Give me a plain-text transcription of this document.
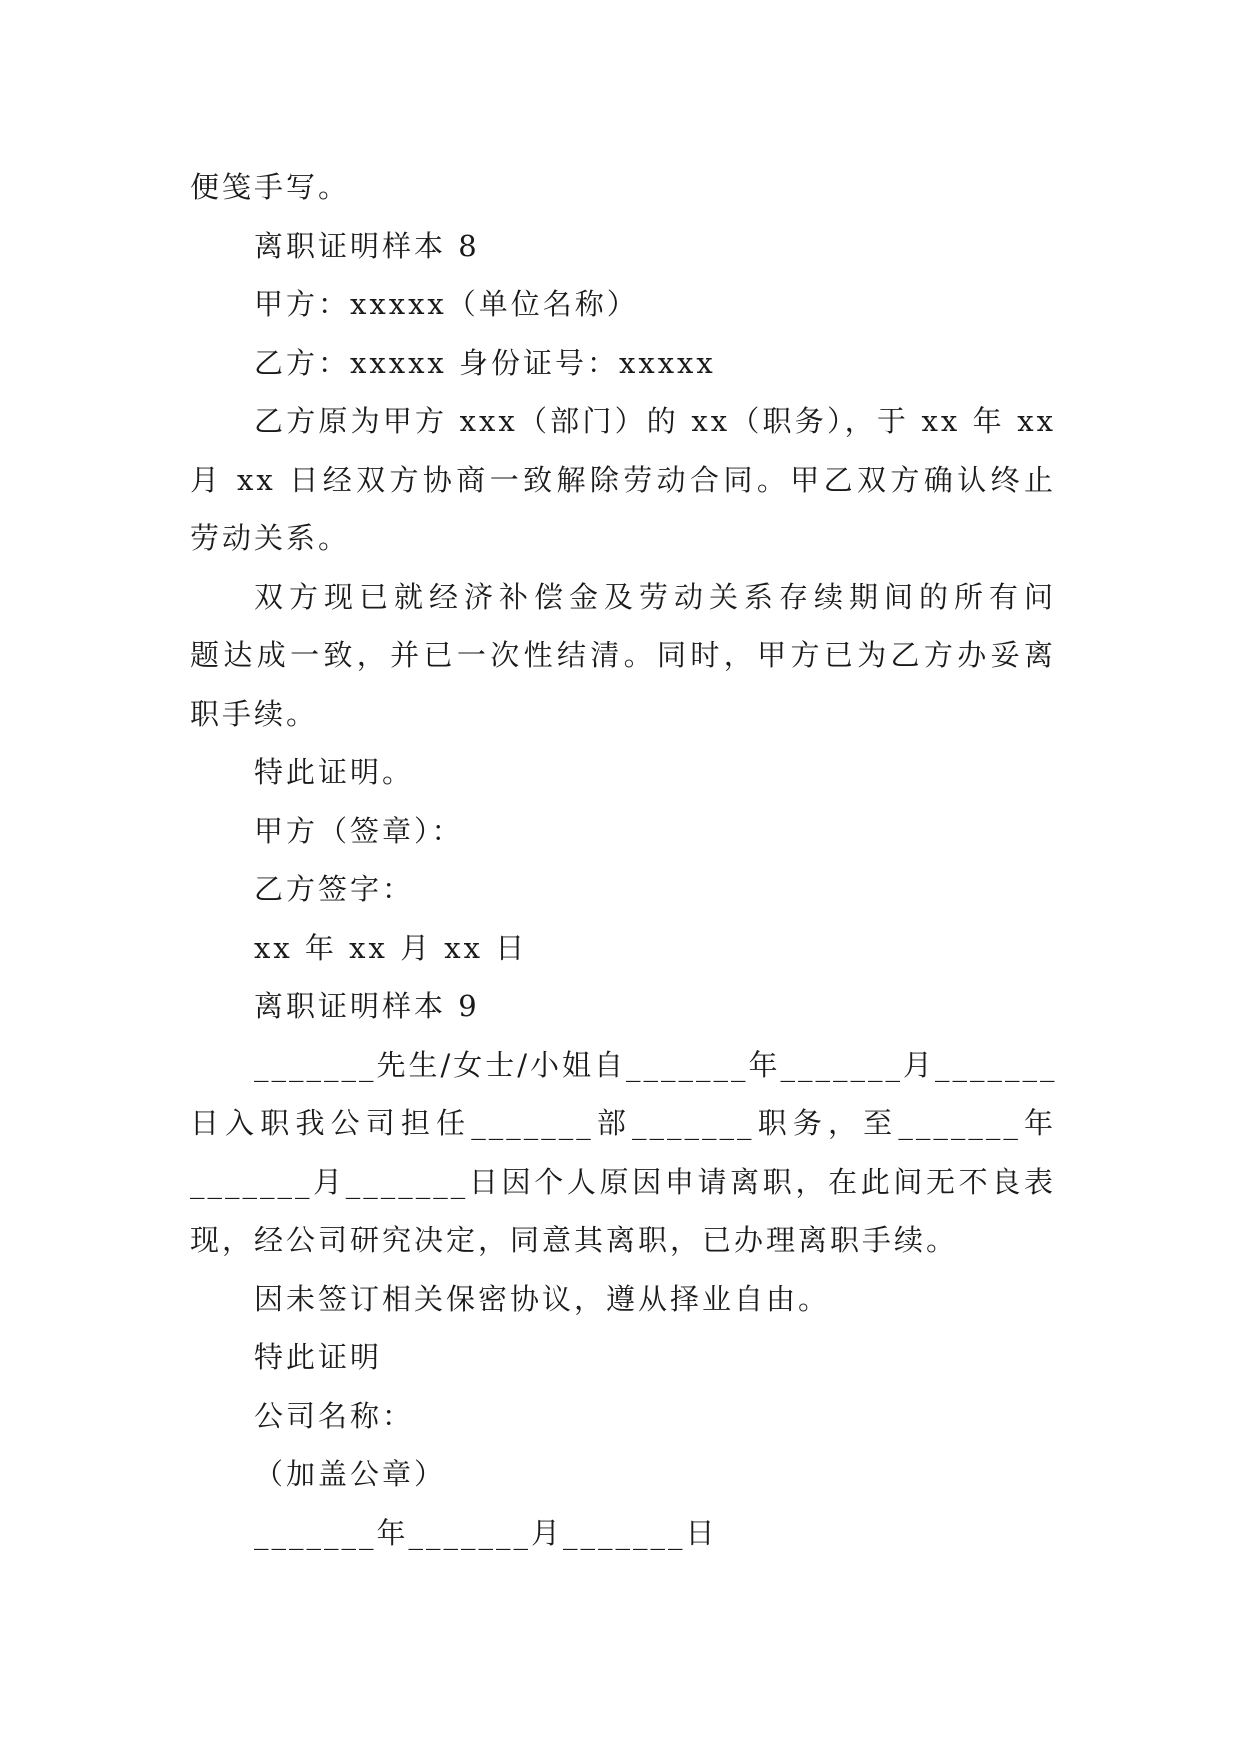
便笺手写。

离职证明样本 8

甲方：xxxxx（单位名称）

乙方：xxxxx 身份证号：xxxxx

乙方原为甲方 xxx（部门）的 xx（职务），于 xx 年 xx

月 xx 日经双方协商一致解除劳动合同。甲乙双方确认终止

劳动关系。

双方现已就经济补偿金及劳动关系存续期间的所有问

题达成一致，并已一次性结清。同时，甲方已为乙方办妥离

职手续。

特此证明。

甲方（签章）：

乙方签字：

xx 年 xx 月 xx 日

离职证明样本 9

_______先生/女士/小姐自_______年_______月_______

日入职我公司担任_______部_______职务，至_______年

_______月_______日因个人原因申请离职，在此间无不良表

现，经公司研究决定，同意其离职，已办理离职手续。

因未签订相关保密协议，遵从择业自由。

特此证明

公司名称：

（加盖公章）

_______年_______月_______日
